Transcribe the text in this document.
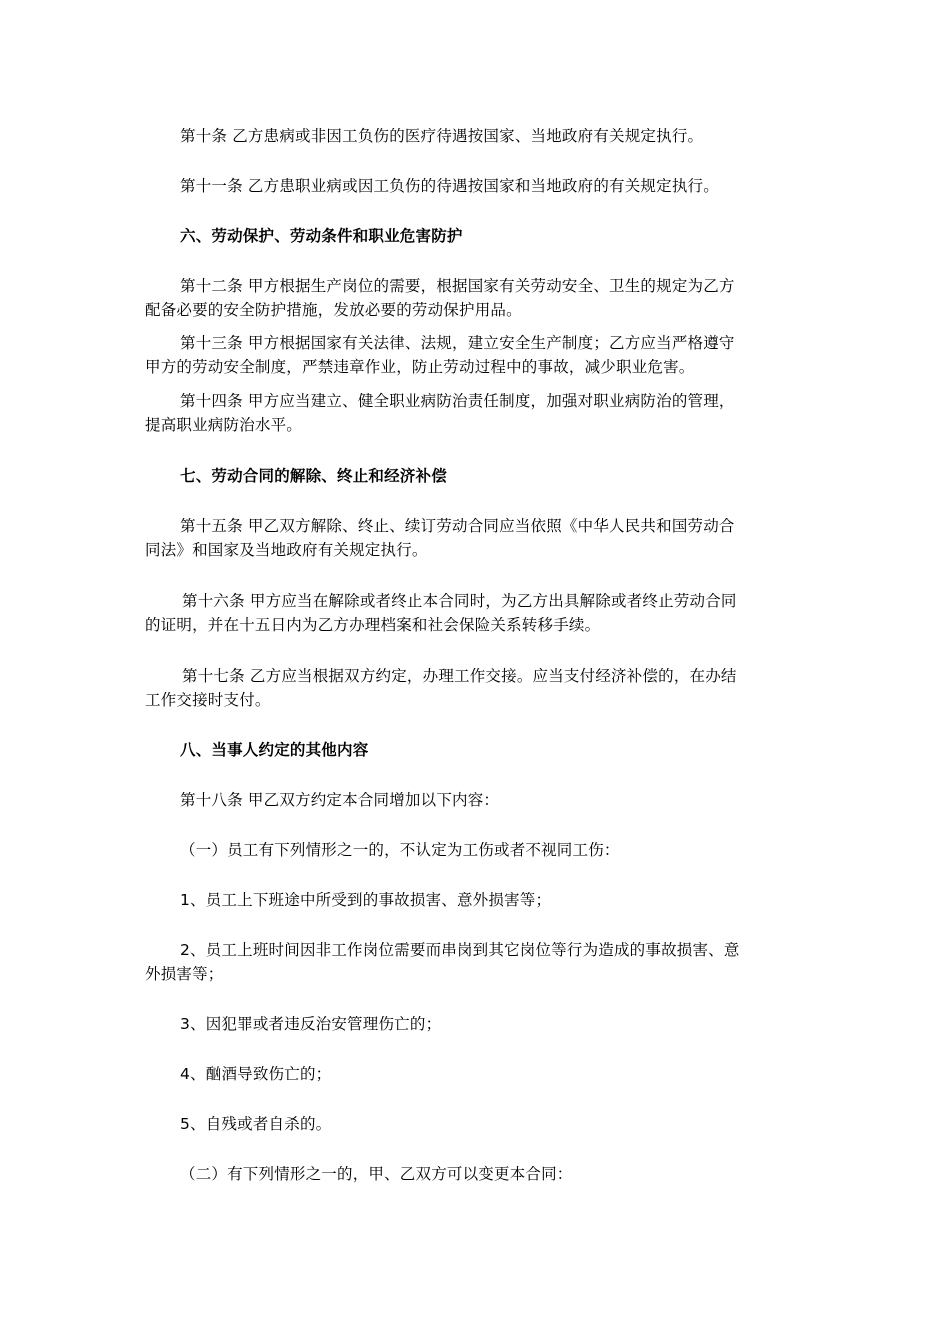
第十条 乙方患病或非因工负伤的医疗待遇按国家、当地政府有关规定执行。
第十一条 乙方患职业病或因工负伤的待遇按国家和当地政府的有关规定执行。
六、劳动保护、劳动条件和职业危害防护
第十二条 甲方根据生产岗位的需要，根据国家有关劳动安全、卫生的规定为乙方
配备必要的安全防护措施，发放必要的劳动保护用品。
第十三条 甲方根据国家有关法律、法规，建立安全生产制度；乙方应当严格遵守
甲方的劳动安全制度，严禁违章作业，防止劳动过程中的事故，减少职业危害。
第十四条 甲方应当建立、健全职业病防治责任制度，加强对职业病防治的管理，
提高职业病防治水平。
七、劳动合同的解除、终止和经济补偿
第十五条 甲乙双方解除、终止、续订劳动合同应当依照《中华人民共和国劳动合
同法》和国家及当地政府有关规定执行。
第十六条 甲方应当在解除或者终止本合同时，为乙方出具解除或者终止劳动合同
的证明，并在十五日内为乙方办理档案和社会保险关系转移手续。
第十七条 乙方应当根据双方约定，办理工作交接。应当支付经济补偿的，在办结
工作交接时支付。
八、当事人约定的其他内容
第十八条 甲乙双方约定本合同增加以下内容：
（一）员工有下列情形之一的，不认定为工伤或者不视同工伤：
1、员工上下班途中所受到的事故损害、意外损害等；
2、员工上班时间因非工作岗位需要而串岗到其它岗位等行为造成的事故损害、意
外损害等；
3、因犯罪或者违反治安管理伤亡的；
4、酗酒导致伤亡的；
5、自残或者自杀的。
（二）有下列情形之一的，甲、乙双方可以变更本合同：
